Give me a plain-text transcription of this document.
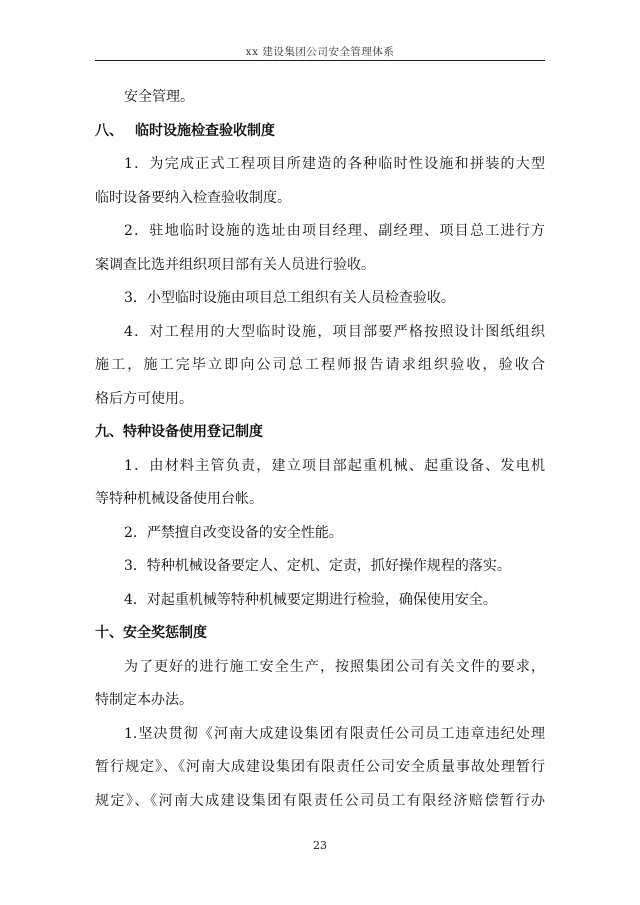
xx 建设集团公司安全管理体系
安全管理。
八、 临时设施检查验收制度
1．为完成正式工程项目所建造的各种临时性设施和拼装的大型
临时设备要纳入检查验收制度。
2．驻地临时设施的选址由项目经理、副经理、项目总工进行方
案调查比选并组织项目部有关人员进行验收。
3．小型临时设施由项目总工组织有关人员检查验收。
4．对工程用的大型临时设施，项目部要严格按照设计图纸组织
施工，施工完毕立即向公司总工程师报告请求组织验收，验收合
格后方可使用。
九、特种设备使用登记制度
1．由材料主管负责，建立项目部起重机械、起重设备、发电机
等特种机械设备使用台帐。
2．严禁擅自改变设备的安全性能。
3．特种机械设备要定人、定机、定责，抓好操作规程的落实。
4．对起重机械等特种机械要定期进行检验，确保使用安全。
十、安全奖惩制度
为了更好的进行施工安全生产，按照集团公司有关文件的要求，
特制定本办法。
1.坚决贯彻《河南大成建设集团有限责任公司员工违章违纪处理
暂行规定》、《河南大成建设集团有限责任公司安全质量事故处理暂行
规定》、《河南大成建设集团有限责任公司员工有限经济赔偿暂行办
23
